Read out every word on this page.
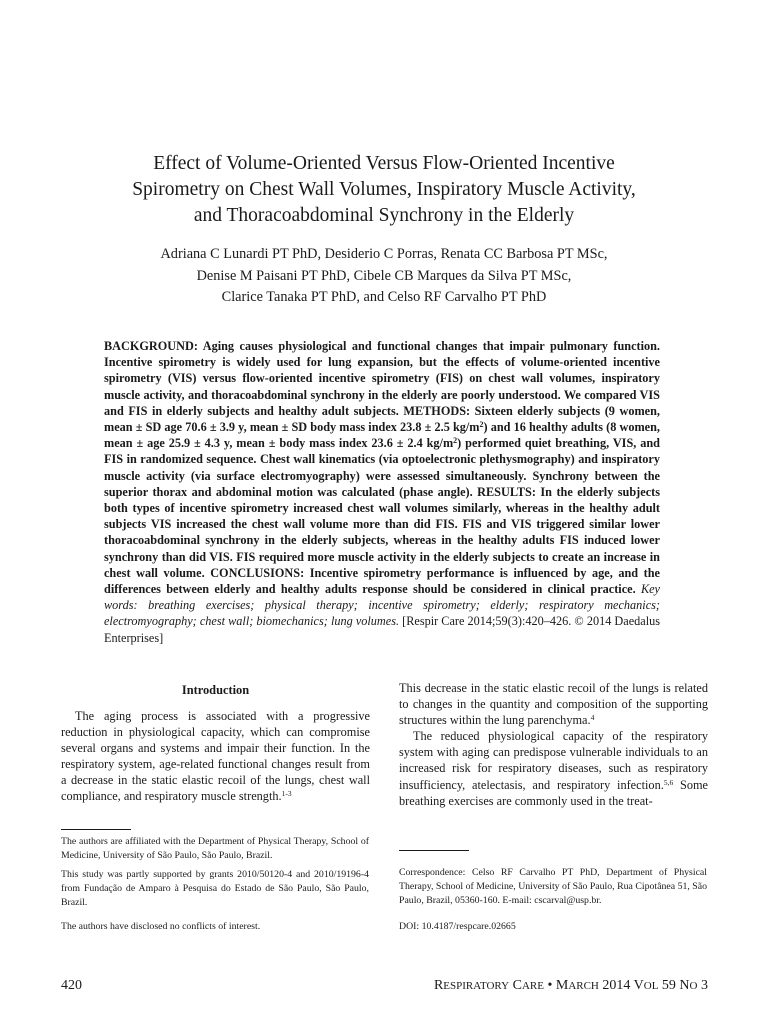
Effect of Volume-Oriented Versus Flow-Oriented Incentive
Spirometry on Chest Wall Volumes, Inspiratory Muscle Activity,
and Thoracoabdominal Synchrony in the Elderly
Adriana C Lunardi PT PhD, Desiderio C Porras, Renata CC Barbosa PT MSc,
Denise M Paisani PT PhD, Cibele CB Marques da Silva PT MSc,
Clarice Tanaka PT PhD, and Celso RF Carvalho PT PhD
BACKGROUND: Aging causes physiological and functional changes that impair pulmonary function. Incentive spirometry is widely used for lung expansion, but the effects of volume-oriented incentive spirometry (VIS) versus flow-oriented incentive spirometry (FIS) on chest wall volumes, inspiratory muscle activity, and thoracoabdominal synchrony in the elderly are poorly understood. We compared VIS and FIS in elderly subjects and healthy adult subjects. METHODS: Sixteen elderly subjects (9 women, mean ± SD age 70.6 ± 3.9 y, mean ± SD body mass index 23.8 ± 2.5 $kg/m^2$) and 16 healthy adults (8 women, mean ± age 25.9 ± 4.3 y, mean ± body mass index 23.6 ± 2.4 $kg/m^2$) performed quiet breathing, VIS, and FIS in randomized sequence. Chest wall kinematics (via optoelectronic plethysmography) and inspiratory muscle activity (via surface electromyography) were assessed simultaneously. Synchrony between the superior thorax and abdominal motion was calculated (phase angle). RESULTS: In the elderly subjects both types of incentive spirometry increased chest wall volumes similarly, whereas in the healthy adult subjects VIS increased the chest wall volume more than did FIS. FIS and VIS triggered similar lower thoracoabdominal synchrony in the elderly subjects, whereas in the healthy adults FIS induced lower synchrony than did VIS. FIS required more muscle activity in the elderly subjects to create an increase in chest wall volume. CONCLUSIONS: Incentive spirometry performance is influenced by age, and the differences between elderly and healthy adults response should be considered in clinical practice. Key words: breathing exercises; physical therapy; incentive spirometry; elderly; respiratory mechanics; electromyography; chest wall; biomechanics; lung volumes. [Respir Care 2014;59(3):420–426. © 2014 Daedalus Enterprises]
Introduction

The aging process is associated with a progressive reduction in physiological capacity, which can compromise several organs and systems and impair their function. In the respiratory system, age-related functional changes result from a decrease in the static elastic recoil of the lungs, chest wall compliance, and respiratory muscle strength.$^{1-3}$

This decrease in the static elastic recoil of the lungs is related to changes in the quantity and composition of the supporting structures within the lung parenchyma.$^4$

The reduced physiological capacity of the respiratory system with aging can predispose vulnerable individuals to an increased risk for respiratory diseases, such as respiratory insufficiency, atelectasis, and respiratory infection.$^{5,6}$ Some breathing exercises are commonly used in the treat-

The authors are affiliated with the Department of Physical Therapy, School of Medicine, University of São Paulo, São Paulo, Brazil.
This study was partly supported by grants 2010/50120-4 and 2010/19196-4 from Fundação de Amparo à Pesquisa do Estado de São Paulo, São Paulo, Brazil.
The authors have disclosed no conflicts of interest.
Correspondence: Celso RF Carvalho PT PhD, Department of Physical Therapy, School of Medicine, University of São Paulo, Rua Cipotânea 51, São Paulo, Brazil, 05360-160. E-mail: cscarval@usp.br.
DOI: 10.4187/respcare.02665
420	RESPIRATORY CARE • MARCH 2014 VOL 59 NO 3
